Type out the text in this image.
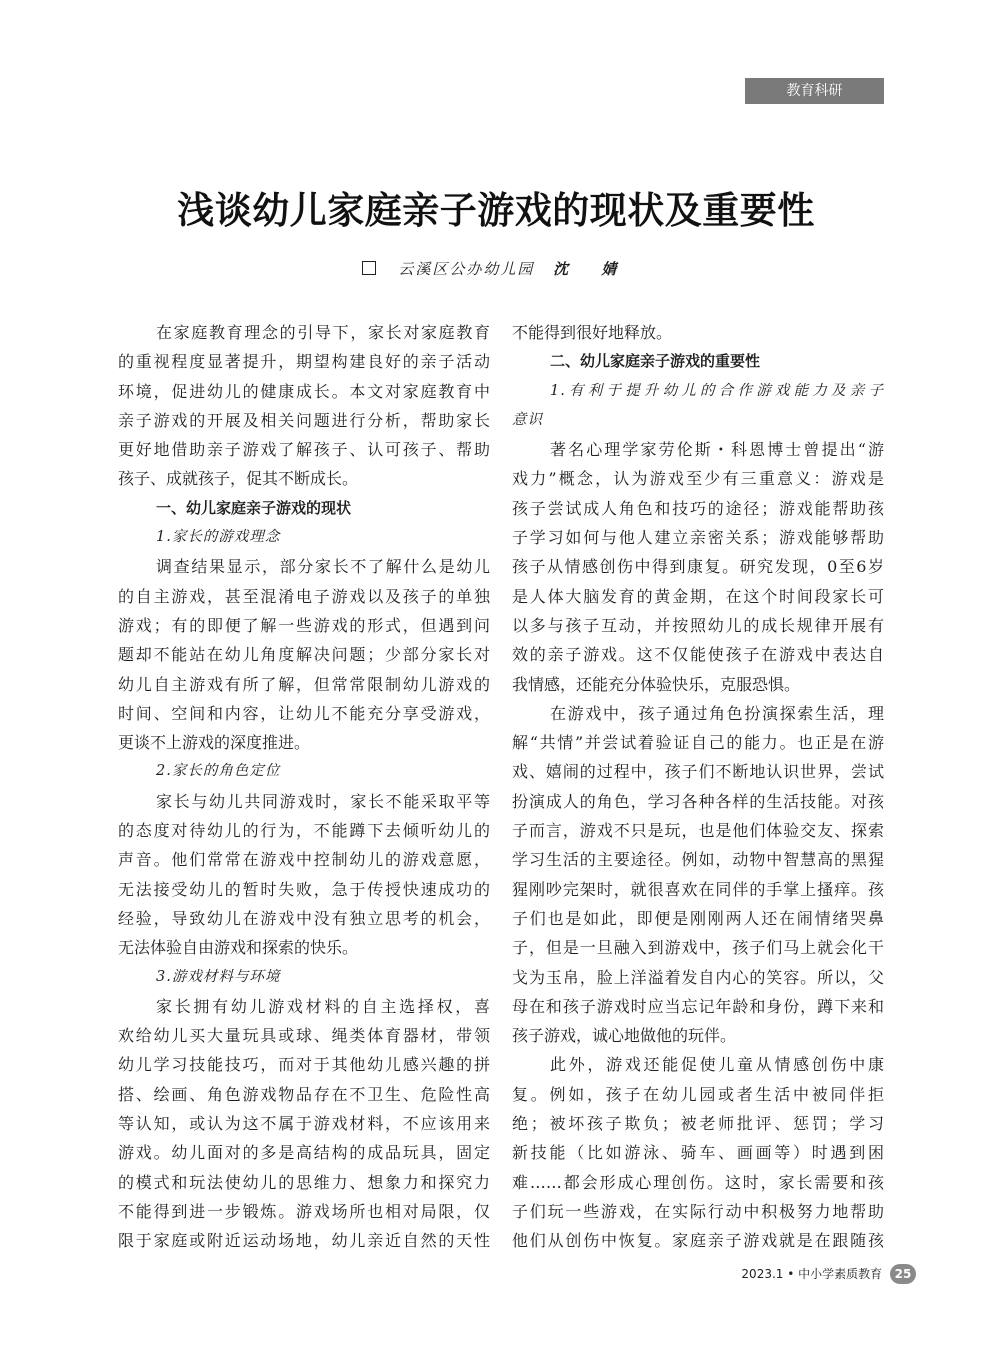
教育科研
浅谈幼儿家庭亲子游戏的现状及重要性
云溪区公办幼儿园 沈 婧
在家庭教育理念的引导下，家长对家庭教育
的重视程度显著提升，期望构建良好的亲子活动
环境，促进幼儿的健康成长。本文对家庭教育中
亲子游戏的开展及相关问题进行分析，帮助家长
更好地借助亲子游戏了解孩子、认可孩子、帮助
孩子、成就孩子，促其不断成长。
一、幼儿家庭亲子游戏的现状
1.家长的游戏理念
调查结果显示，部分家长不了解什么是幼儿
的自主游戏，甚至混淆电子游戏以及孩子的单独
游戏；有的即便了解一些游戏的形式，但遇到问
题却不能站在幼儿角度解决问题；少部分家长对
幼儿自主游戏有所了解，但常常限制幼儿游戏的
时间、空间和内容，让幼儿不能充分享受游戏，
更谈不上游戏的深度推进。
2.家长的角色定位
家长与幼儿共同游戏时，家长不能采取平等
的态度对待幼儿的行为，不能蹲下去倾听幼儿的
声音。他们常常在游戏中控制幼儿的游戏意愿，
无法接受幼儿的暂时失败，急于传授快速成功的
经验，导致幼儿在游戏中没有独立思考的机会，
无法体验自由游戏和探索的快乐。
3.游戏材料与环境
家长拥有幼儿游戏材料的自主选择权，喜
欢给幼儿买大量玩具或球、绳类体育器材，带领
幼儿学习技能技巧，而对于其他幼儿感兴趣的拼
搭、绘画、角色游戏物品存在不卫生、危险性高
等认知，或认为这不属于游戏材料，不应该用来
游戏。幼儿面对的多是高结构的成品玩具，固定
的模式和玩法使幼儿的思维力、想象力和探究力
不能得到进一步锻炼。游戏场所也相对局限，仅
限于家庭或附近运动场地，幼儿亲近自然的天性
不能得到很好地释放。
二、幼儿家庭亲子游戏的重要性
1.有利于提升幼儿的合作游戏能力及亲子
意识
著名心理学家劳伦斯・科恩博士曾提出“游
戏力”概念，认为游戏至少有三重意义：游戏是
孩子尝试成人角色和技巧的途径；游戏能帮助孩
子学习如何与他人建立亲密关系；游戏能够帮助
孩子从情感创伤中得到康复。研究发现，0至6岁
是人体大脑发育的黄金期，在这个时间段家长可
以多与孩子互动，并按照幼儿的成长规律开展有
效的亲子游戏。这不仅能使孩子在游戏中表达自
我情感，还能充分体验快乐，克服恐惧。
在游戏中，孩子通过角色扮演探索生活，理
解“共情”并尝试着验证自己的能力。也正是在游
戏、嬉闹的过程中，孩子们不断地认识世界，尝试
扮演成人的角色，学习各种各样的生活技能。对孩
子而言，游戏不只是玩，也是他们体验交友、探索
学习生活的主要途径。例如，动物中智慧高的黑猩
猩刚吵完架时，就很喜欢在同伴的手掌上搔痒。孩
子们也是如此，即便是刚刚两人还在闹情绪哭鼻
子，但是一旦融入到游戏中，孩子们马上就会化干
戈为玉帛，脸上洋溢着发自内心的笑容。所以，父
母在和孩子游戏时应当忘记年龄和身份，蹲下来和
孩子游戏，诚心地做他的玩伴。
此外，游戏还能促使儿童从情感创伤中康
复。例如，孩子在幼儿园或者生活中被同伴拒
绝；被坏孩子欺负；被老师批评、惩罚；学习
新技能（比如游泳、骑车、画画等）时遇到困
难……都会形成心理创伤。这时，家长需要和孩
子们玩一些游戏，在实际行动中积极努力地帮助
他们从创伤中恢复。家庭亲子游戏就是在跟随孩
2023.1 • 中小学素质教育 25
